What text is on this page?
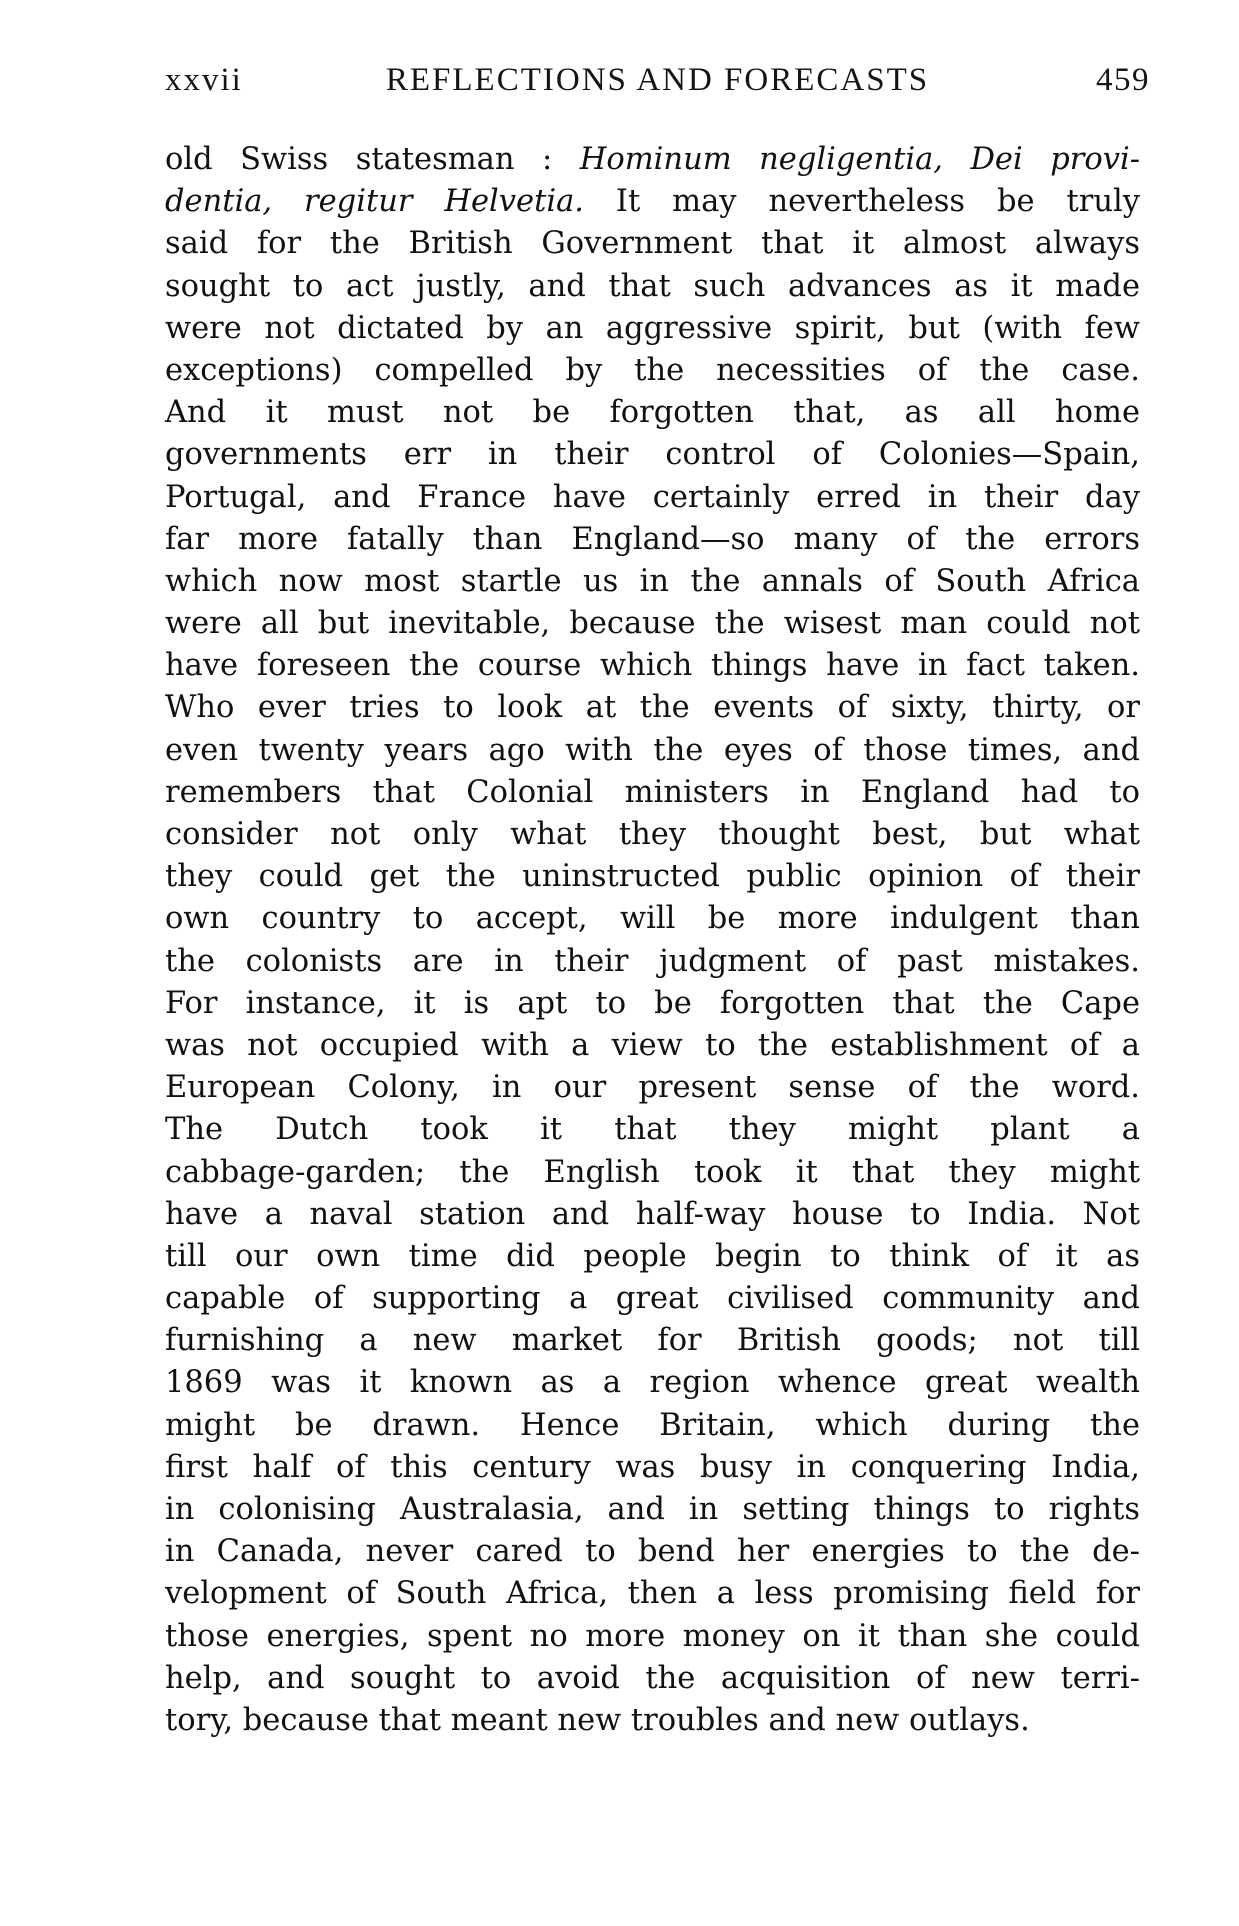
xxvii	REFLECTIONS AND FORECASTS	459
old Swiss statesman : Hominum negligentia, Dei provi-
dentia, regitur Helvetia. It may nevertheless be truly
said for the British Government that it almost always
sought to act justly, and that such advances as it made
were not dictated by an aggressive spirit, but (with few
exceptions) compelled by the necessities of the case.
And it must not be forgotten that, as all home
governments err in their control of Colonies—Spain,
Portugal, and France have certainly erred in their day
far more fatally than England—so many of the errors
which now most startle us in the annals of South Africa
were all but inevitable, because the wisest man could not
have foreseen the course which things have in fact taken.
Who ever tries to look at the events of sixty, thirty, or
even twenty years ago with the eyes of those times, and
remembers that Colonial ministers in England had to
consider not only what they thought best, but what
they could get the uninstructed public opinion of their
own country to accept, will be more indulgent than
the colonists are in their judgment of past mistakes.
For instance, it is apt to be forgotten that the Cape
was not occupied with a view to the establishment of a
European Colony, in our present sense of the word.
The Dutch took it that they might plant a
cabbage-garden; the English took it that they might
have a naval station and half-way house to India. Not
till our own time did people begin to think of it as
capable of supporting a great civilised community and
furnishing a new market for British goods; not till
1869 was it known as a region whence great wealth
might be drawn. Hence Britain, which during the
first half of this century was busy in conquering India,
in colonising Australasia, and in setting things to rights
in Canada, never cared to bend her energies to the de-
velopment of South Africa, then a less promising field for
those energies, spent no more money on it than she could
help, and sought to avoid the acquisition of new terri-
tory, because that meant new troubles and new outlays.
